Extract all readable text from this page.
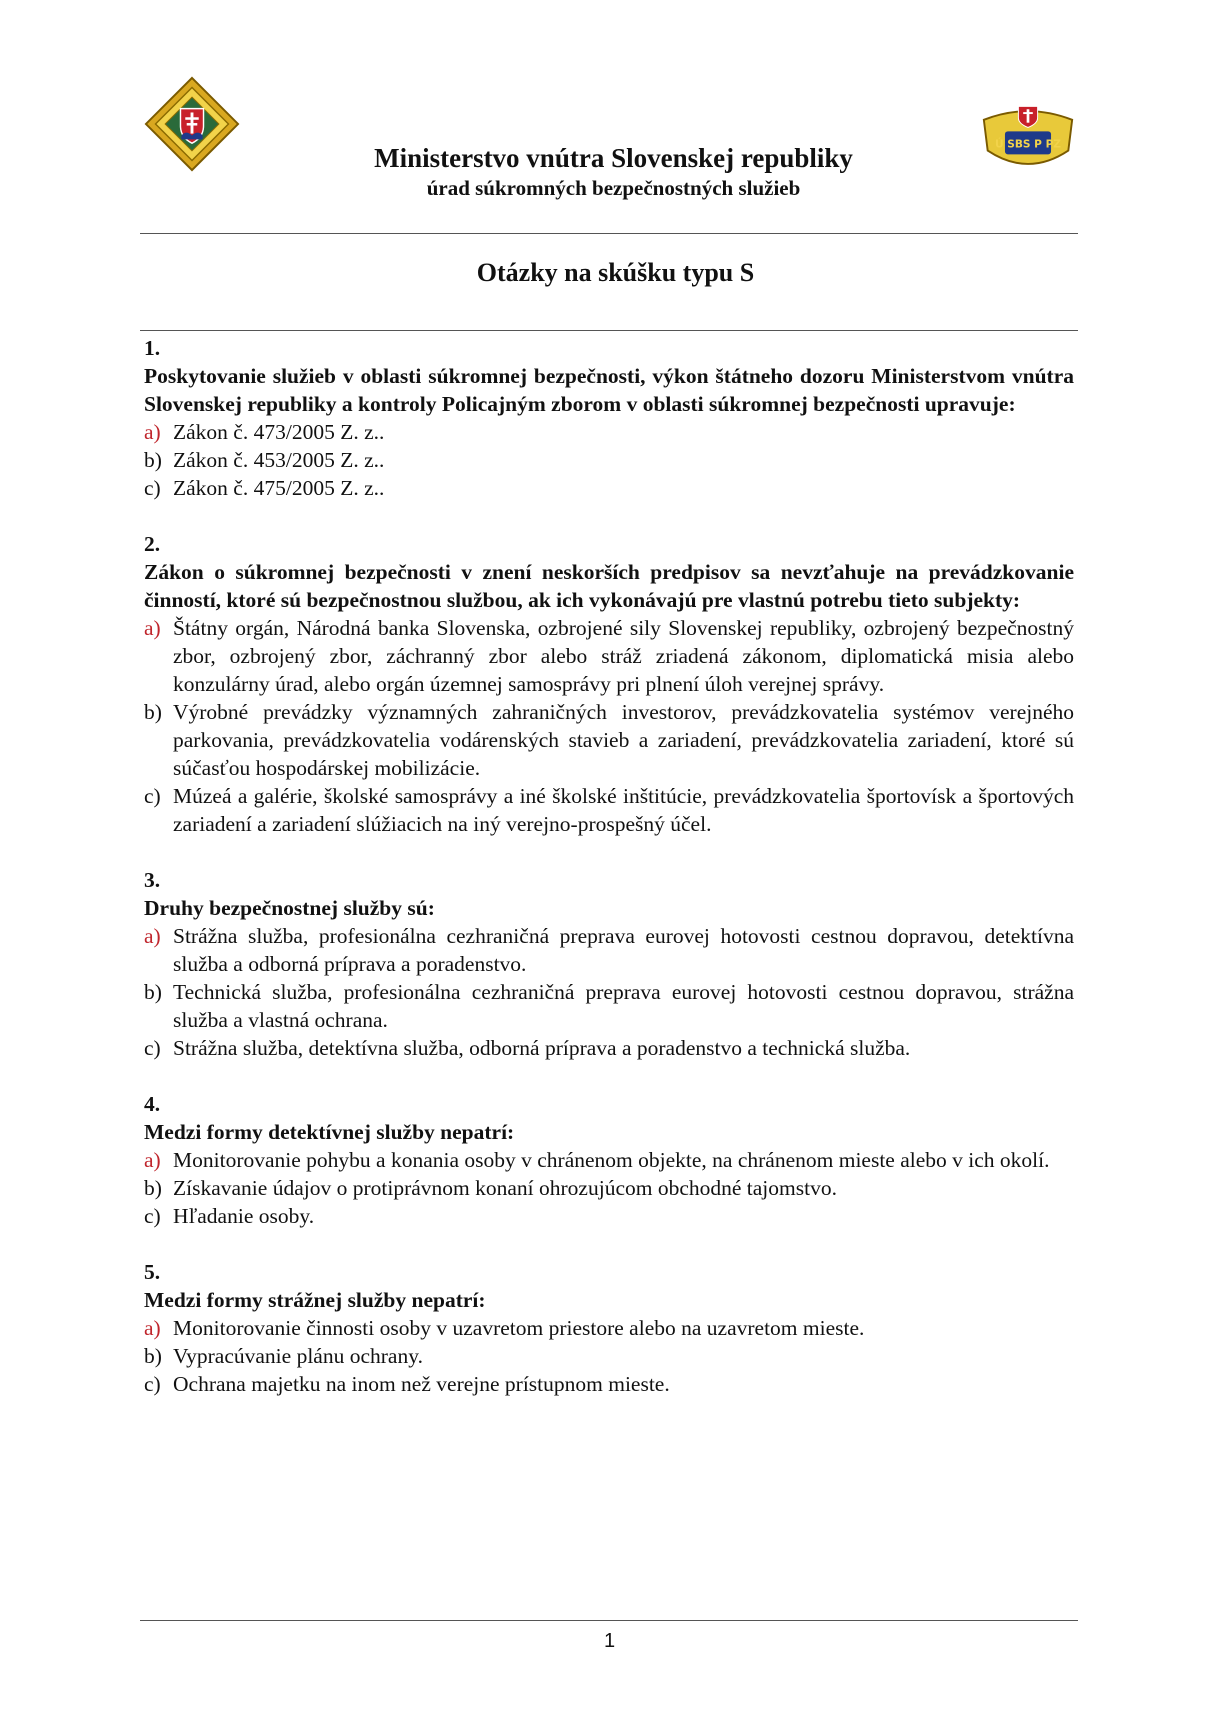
Ú SBS P PZ
Ministerstvo vnútra Slovenskej republiky
úrad súkromných bezpečnostných služieb
Otázky na skúšku typu S
1.

Poskytovanie služieb v oblasti súkromnej bezpečnosti, výkon štátneho dozoru Ministerstvom vnútra Slovenskej republiky a kontroly Policajným zborom v oblasti súkromnej bezpečnosti upravuje:

a) Zákon č. 473/2005 Z. z..
b) Zákon č. 453/2005 Z. z..
c) Zákon č. 475/2005 Z. z..
2.

Zákon o súkromnej bezpečnosti v znení neskorších predpisov sa nevzťahuje na prevádzkovanie činností, ktoré sú bezpečnostnou službou, ak ich vykonávajú pre vlastnú potrebu tieto subjekty:

a) Štátny orgán, Národná banka Slovenska, ozbrojené sily Slovenskej republiky, ozbrojený bezpečnostný zbor, ozbrojený zbor, záchranný zbor alebo stráž zriadená zákonom, diplomatická misia alebo konzulárny úrad, alebo orgán územnej samosprávy pri plnení úloh verejnej správy.
b) Výrobné prevádzky významných zahraničných investorov, prevádzkovatelia systémov verejného parkovania, prevádzkovatelia vodárenských stavieb a zariadení, prevádzkovatelia zariadení, ktoré sú súčasťou hospodárskej mobilizácie.
c) Múzeá a galérie, školské samosprávy a iné školské inštitúcie, prevádzkovatelia športovísk a športových zariadení a zariadení slúžiacich na iný verejno-prospešný účel.
3.

Druhy bezpečnostnej služby sú:

a) Strážna služba, profesionálna cezhraničná preprava eurovej hotovosti cestnou dopravou, detektívna služba a odborná príprava a poradenstvo.
b) Technická služba, profesionálna cezhraničná preprava eurovej hotovosti cestnou dopravou, strážna služba a vlastná ochrana.
c) Strážna služba, detektívna služba, odborná príprava a poradenstvo a technická služba.
4.

Medzi formy detektívnej služby nepatrí:

a) Monitorovanie pohybu a konania osoby v chránenom objekte, na chránenom mieste alebo v ich okolí.
b) Získavanie údajov o protiprávnom konaní ohrozujúcom obchodné tajomstvo.
c) Hľadanie osoby.
5.

Medzi formy strážnej služby nepatrí:

a) Monitorovanie činnosti osoby v uzavretom priestore alebo na uzavretom mieste.
b) Vypracúvanie plánu ochrany.
c) Ochrana majetku na inom než verejne prístupnom mieste.
1
